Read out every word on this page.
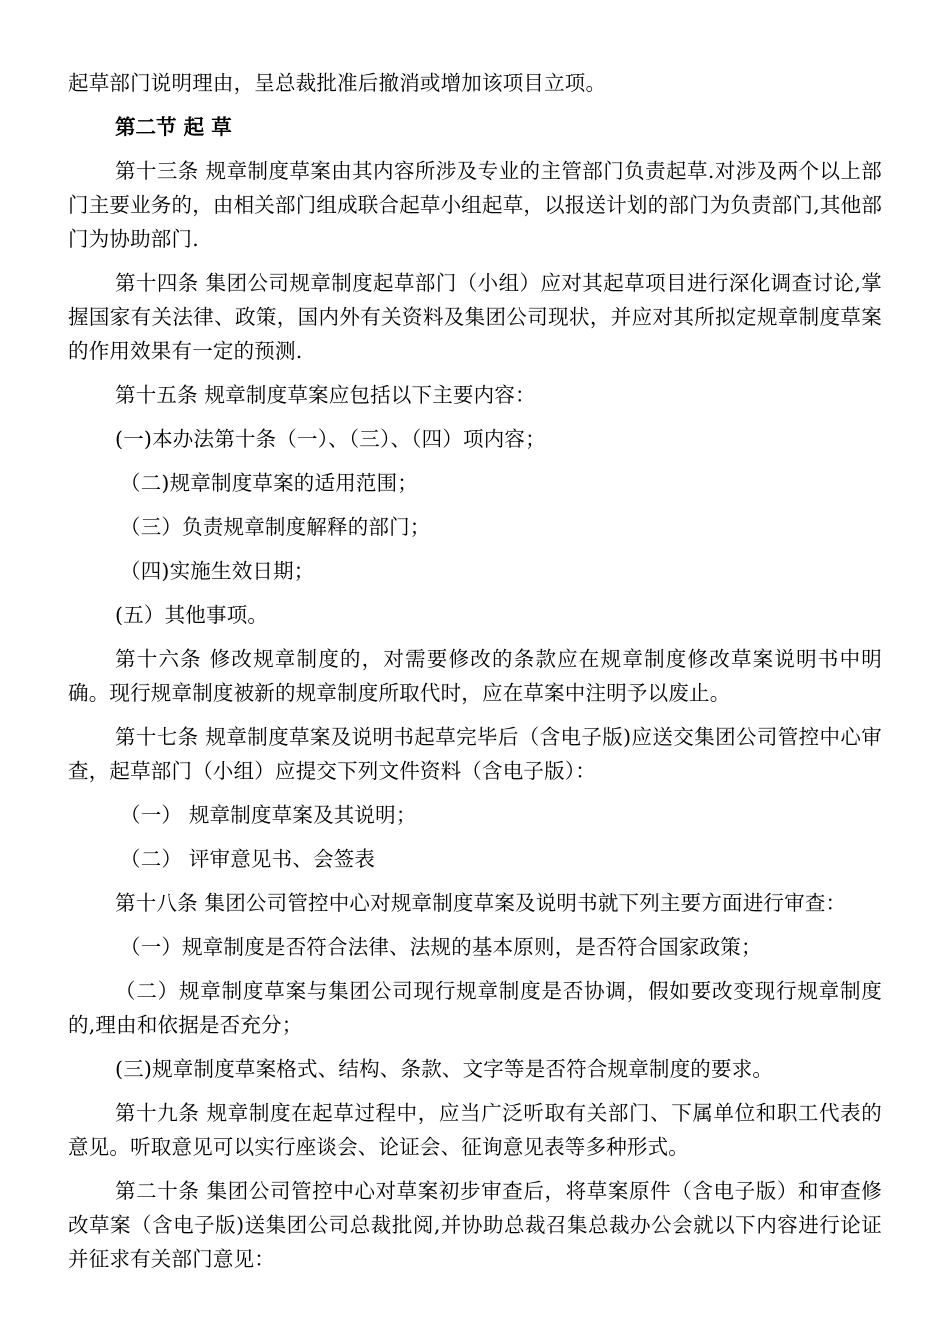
起草部门说明理由，呈总裁批准后撤消或增加该项目立项。

第二节 起 草

第十三条 规章制度草案由其内容所涉及专业的主管部门负责起草.对涉及两个以上部门主要业务的，由相关部门组成联合起草小组起草，以报送计划的部门为负责部门,其他部门为协助部门.

第十四条 集团公司规章制度起草部门（小组）应对其起草项目进行深化调查讨论,掌握国家有关法律、政策，国内外有关资料及集团公司现状，并应对其所拟定规章制度草案的作用效果有一定的预测.

第十五条 规章制度草案应包括以下主要内容：

(一)本办法第十条（一）、（三）、（四）项内容；

（二)规章制度草案的适用范围；

（三）负责规章制度解释的部门；

（四)实施生效日期；

(五）其他事项。

第十六条 修改规章制度的，对需要修改的条款应在规章制度修改草案说明书中明确。现行规章制度被新的规章制度所取代时，应在草案中注明予以废止。

第十七条 规章制度草案及说明书起草完毕后（含电子版)应送交集团公司管控中心审查，起草部门（小组）应提交下列文件资料（含电子版）：

（一） 规章制度草案及其说明；

（二） 评审意见书、会签表

第十八条 集团公司管控中心对规章制度草案及说明书就下列主要方面进行审查：

（一）规章制度是否符合法律、法规的基本原则，是否符合国家政策；

（二）规章制度草案与集团公司现行规章制度是否协调，假如要改变现行规章制度的,理由和依据是否充分；

(三)规章制度草案格式、结构、条款、文字等是否符合规章制度的要求。

第十九条 规章制度在起草过程中，应当广泛听取有关部门、下属单位和职工代表的意见。听取意见可以实行座谈会、论证会、征询意见表等多种形式。

第二十条 集团公司管控中心对草案初步审查后，将草案原件（含电子版）和审查修改草案（含电子版)送集团公司总裁批阅,并协助总裁召集总裁办公会就以下内容进行论证并征求有关部门意见：
